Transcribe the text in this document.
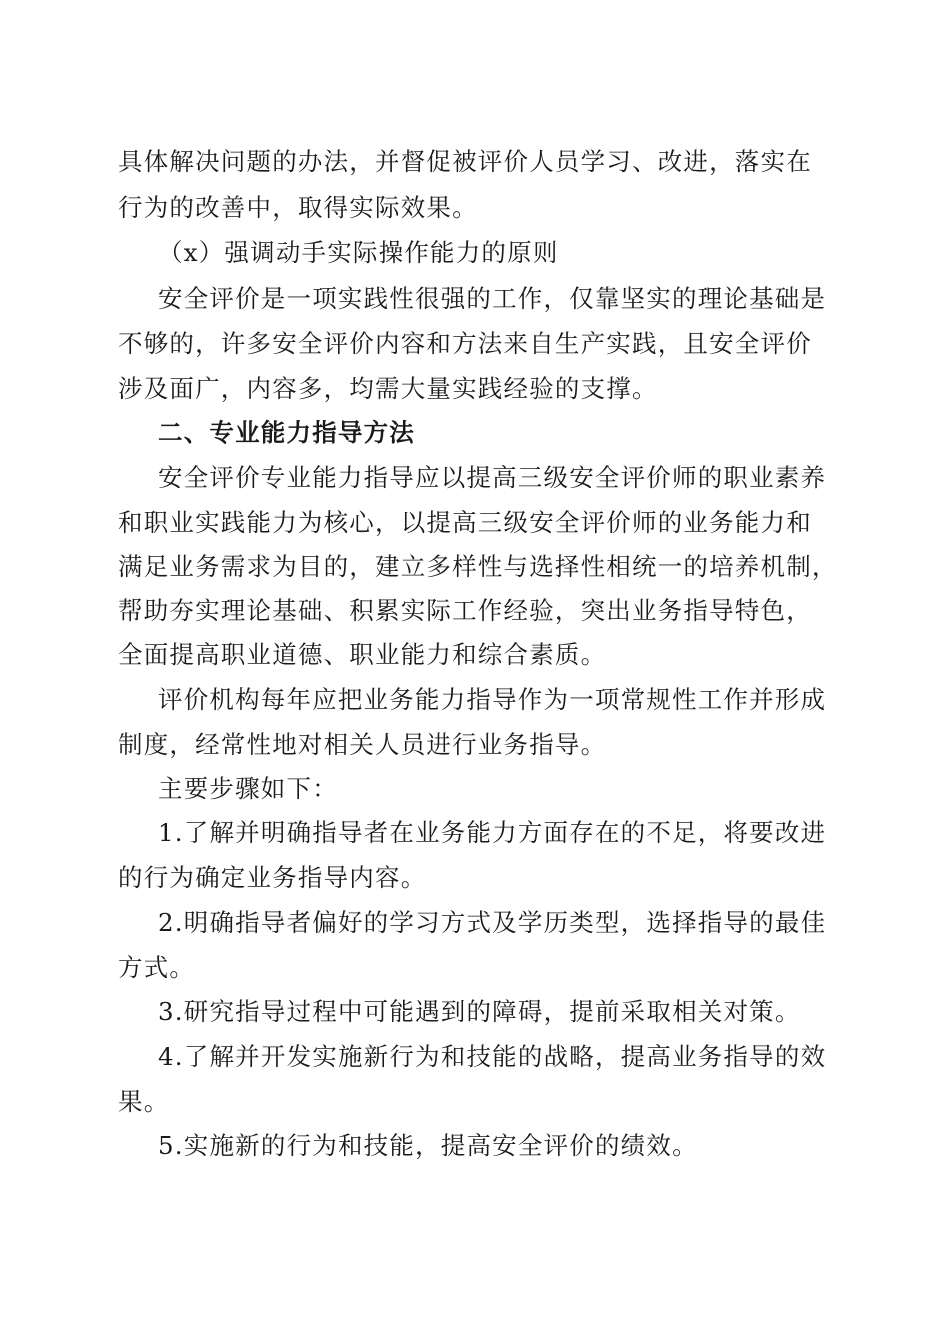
具体解决问题的办法，并督促被评价人员学习、改进，落实在
行为的改善中，取得实际效果。
（x）强调动手实际操作能力的原则
安全评价是一项实践性很强的工作，仅靠坚实的理论基础是
不够的，许多安全评价内容和方法来自生产实践，且安全评价
涉及面广，内容多，均需大量实践经验的支撑。
二、专业能力指导方法
安全评价专业能力指导应以提高三级安全评价师的职业素养
和职业实践能力为核心，以提高三级安全评价师的业务能力和
满足业务需求为目的，建立多样性与选择性相统一的培养机制，
帮助夯实理论基础、积累实际工作经验，突出业务指导特色，
全面提高职业道德、职业能力和综合素质。
评价机构每年应把业务能力指导作为一项常规性工作并形成
制度，经常性地对相关人员进行业务指导。
主要步骤如下：
1.了解并明确指导者在业务能力方面存在的不足，将要改进
的行为确定业务指导内容。
2.明确指导者偏好的学习方式及学历类型，选择指导的最佳
方式。
3.研究指导过程中可能遇到的障碍，提前采取相关对策。
4.了解并开发实施新行为和技能的战略，提高业务指导的效
果。
5.实施新的行为和技能，提高安全评价的绩效。
